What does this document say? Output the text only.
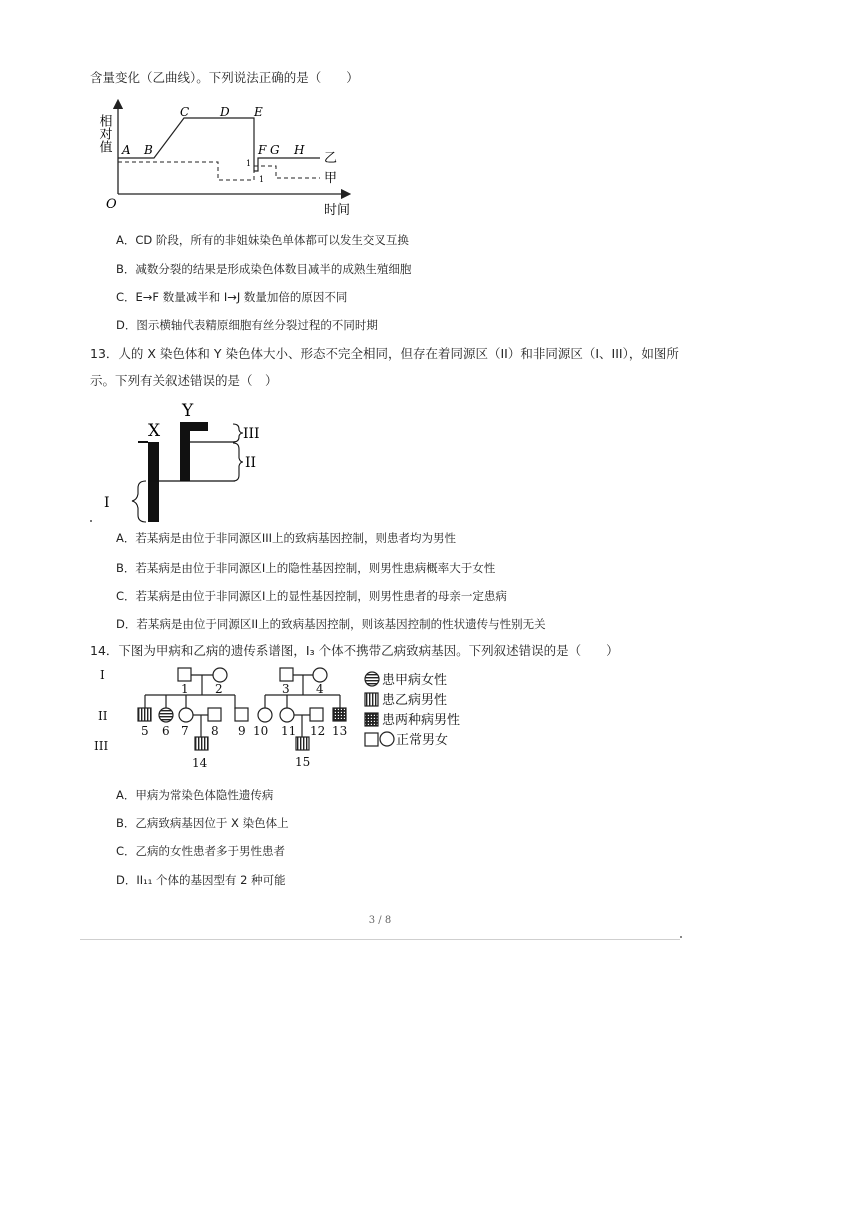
含量变化（乙曲线）。下列说法正确的是（　　）
相对值
O	时间
A B
C	D E
F G H
1
1
乙
甲
A．CD 阶段，所有的非姐妹染色单体都可以发生交叉互换
B．减数分裂的结果是形成染色体数目减半的成熟生殖细胞
C．E→F 数量减半和 I→J 数量加倍的原因不同
D．图示横轴代表精原细胞有丝分裂过程的不同时期
13．人的 X 染色体和 Y 染色体大小、形态不完全相同，但存在着同源区（II）和非同源区（I、III），如图所
示。下列有关叙述错误的是（　）
X
Y
III
II
I
A．若某病是由位于非同源区III上的致病基因控制，则患者均为男性
B．若某病是由位于非同源区I上的隐性基因控制，则男性患病概率大于女性
C．若某病是由位于非同源区I上的显性基因控制，则男性患者的母亲一定患病
D．若某病是由位于同源区II上的致病基因控制，则该基因控制的性状遗传与性别无关
14．下图为甲病和乙病的遗传系谱图，I₃ 个体不携带乙病致病基因。下列叙述错误的是（　　）
I
II
III
1 2	3 4
5 6 7 8 9 10 11 12 13
14	15
患甲病女性
患乙病男性
患两种病男性
正常男女
A．甲病为常染色体隐性遗传病
B．乙病致病基因位于 X 染色体上
C．乙病的女性患者多于男性患者
D．II₁₁ 个体的基因型有 2 种可能
3 / 8
